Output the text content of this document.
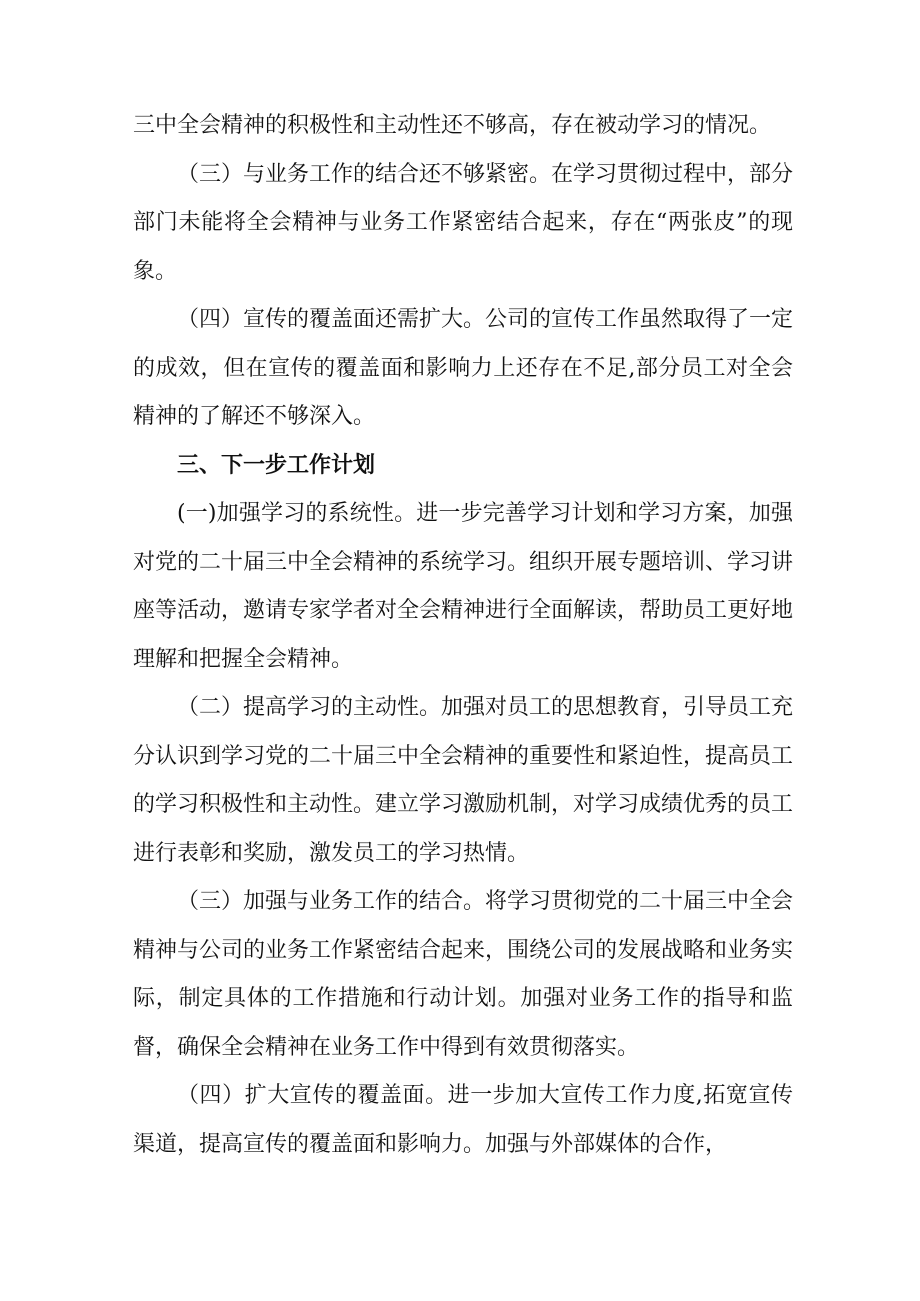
三中全会精神的积极性和主动性还不够高，存在被动学习的情况。

（三）与业务工作的结合还不够紧密。在学习贯彻过程中，部分部门未能将全会精神与业务工作紧密结合起来，存在“两张皮”的现象。

（四）宣传的覆盖面还需扩大。公司的宣传工作虽然取得了一定的成效，但在宣传的覆盖面和影响力上还存在不足,部分员工对全会精神的了解还不够深入。

三、下一步工作计划

(一)加强学习的系统性。进一步完善学习计划和学习方案，加强对党的二十届三中全会精神的系统学习。组织开展专题培训、学习讲座等活动，邀请专家学者对全会精神进行全面解读，帮助员工更好地理解和把握全会精神。

（二）提高学习的主动性。加强对员工的思想教育，引导员工充分认识到学习党的二十届三中全会精神的重要性和紧迫性，提高员工的学习积极性和主动性。建立学习激励机制，对学习成绩优秀的员工进行表彰和奖励，激发员工的学习热情。

（三）加强与业务工作的结合。将学习贯彻党的二十届三中全会精神与公司的业务工作紧密结合起来，围绕公司的发展战略和业务实际，制定具体的工作措施和行动计划。加强对业务工作的指导和监督，确保全会精神在业务工作中得到有效贯彻落实。

（四）扩大宣传的覆盖面。进一步加大宣传工作力度,拓宽宣传渠道，提高宣传的覆盖面和影响力。加强与外部媒体的合作，
